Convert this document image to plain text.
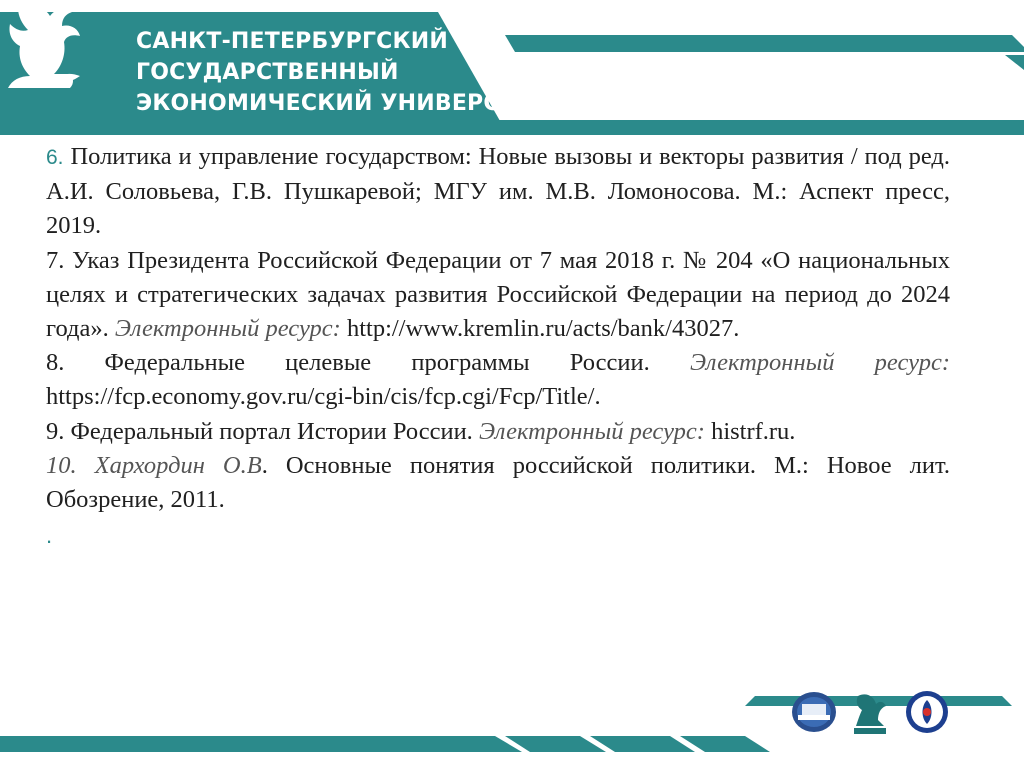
САНКТ-ПЕТЕРБУРГСКИЙ
ГОСУДАРСТВЕННЫЙ
ЭКОНОМИЧЕСКИЙ УНИВЕРСИТЕТ

6. Политика и управление государством: Новые вызовы и векторы развития / под ред. А.И. Соловьева, Г.В. Пушкаревой; МГУ им. М.В. Ломоносова. М.: Аспект пресс, 2019.

7. Указ Президента Российской Федерации от 7 мая 2018 г. № 204 «О национальных целях и стратегических задачах развития Российской Федерации на период до 2024 года». Электронный ресурс: http://www.kremlin.ru/acts/bank/43027.

8. Федеральные целевые программы России. Электронный ресурс: https://fcp.economy.gov.ru/cgi-bin/cis/fcp.cgi/Fcp/Title/.

9. Федеральный портал Истории России. Электронный ресурс: histrf.ru.

10. Хархордин О.В. Основные понятия российской политики. М.: Новое лит. Обозрение, 2011.

.
